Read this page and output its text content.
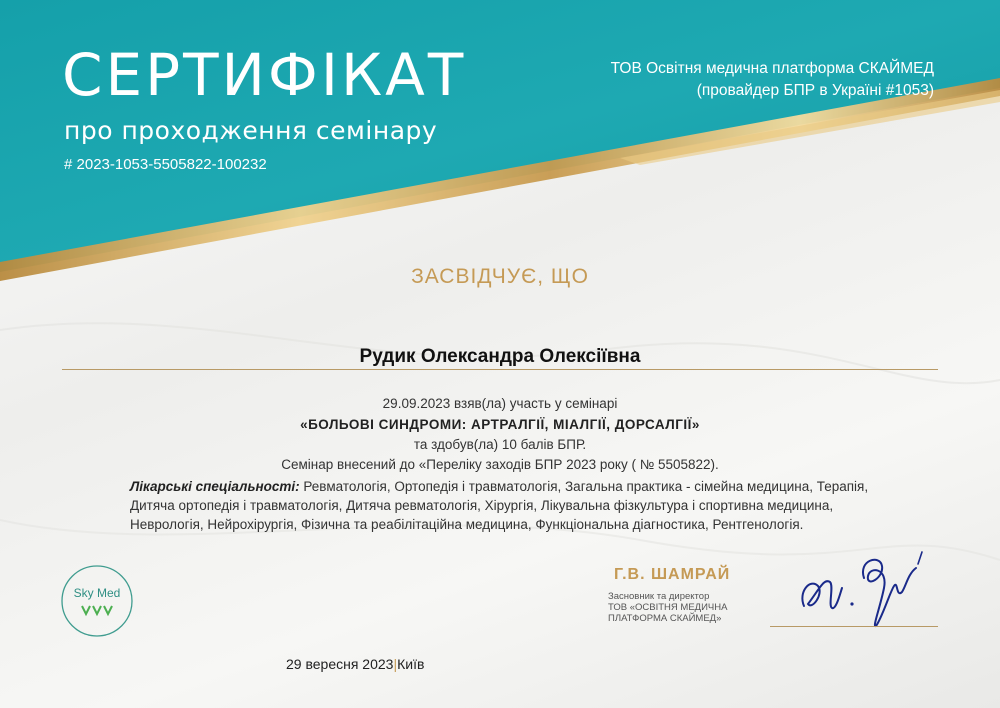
СЕРТИФІКАТ
про проходження семінару
# 2023-1053-5505822-100232
ТОВ Освітня медична платформа СКАЙМЕД
(провайдер БПР в Україні #1053)
ЗАСВІДЧУЄ, ЩО
Рудик Олександра Олексіївна
29.09.2023 взяв(ла) участь у семінарі
«БОЛЬОВІ СИНДРОМИ: АРТРАЛГІЇ, МІАЛГІЇ, ДОРСАЛГІЇ»
та здобув(ла) 10 балів БПР.
Семінар внесений до «Переліку заходів БПР 2023 року ( № 5505822).
Лікарські спеціальності: Ревматологія, Ортопедія і травматологія, Загальна практика - сімейна медицина, Терапія, Дитяча ортопедія і травматологія, Дитяча ревматологія, Хірургія, Лікувальна фізкультура і спортивна медицина, Неврологія, Нейрохірургія, Фізична та реабілітаційна медицина, Функціональна діагностика, Рентгенологія.
Sky Med
Г.В. ШАМРАЙ
Засновник та директор
ТОВ «ОСВІТНЯ МЕДИЧНА
ПЛАТФОРМА СКАЙМЕД»
29 вересня 2023|Київ
